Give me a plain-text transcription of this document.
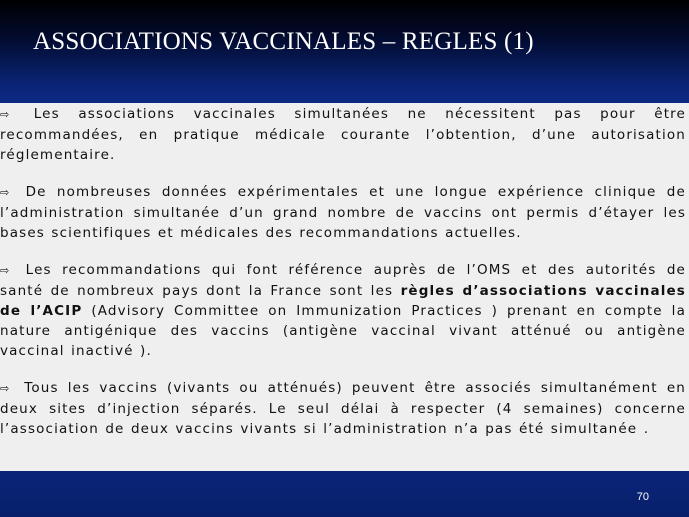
ASSOCIATIONS VACCINALES – REGLES (1)

⇨ Les associations vaccinales simultanées ne nécessitent pas pour être recommandées, en pratique médicale courante l’obtention, d’une autorisation réglementaire.

⇨ De nombreuses données expérimentales et une longue expérience clinique de l’administration simultanée d’un grand nombre de vaccins ont permis d’étayer les bases scientifiques et médicales des recommandations actuelles.

⇨ Les recommandations qui font référence auprès de l’OMS et des autorités de santé de nombreux pays dont la France sont les règles d’associations vaccinales de l’ACIP (Advisory Committee on Immunization Practices ) prenant en compte la nature antigénique des vaccins (antigène vaccinal vivant atténué ou antigène vaccinal inactivé ).

⇨ Tous les vaccins (vivants ou atténués) peuvent être associés simultanément en deux sites d’injection séparés. Le seul délai à respecter (4 semaines) concerne l’association de deux vaccins vivants si l’administration n’a pas été simultanée .

70
